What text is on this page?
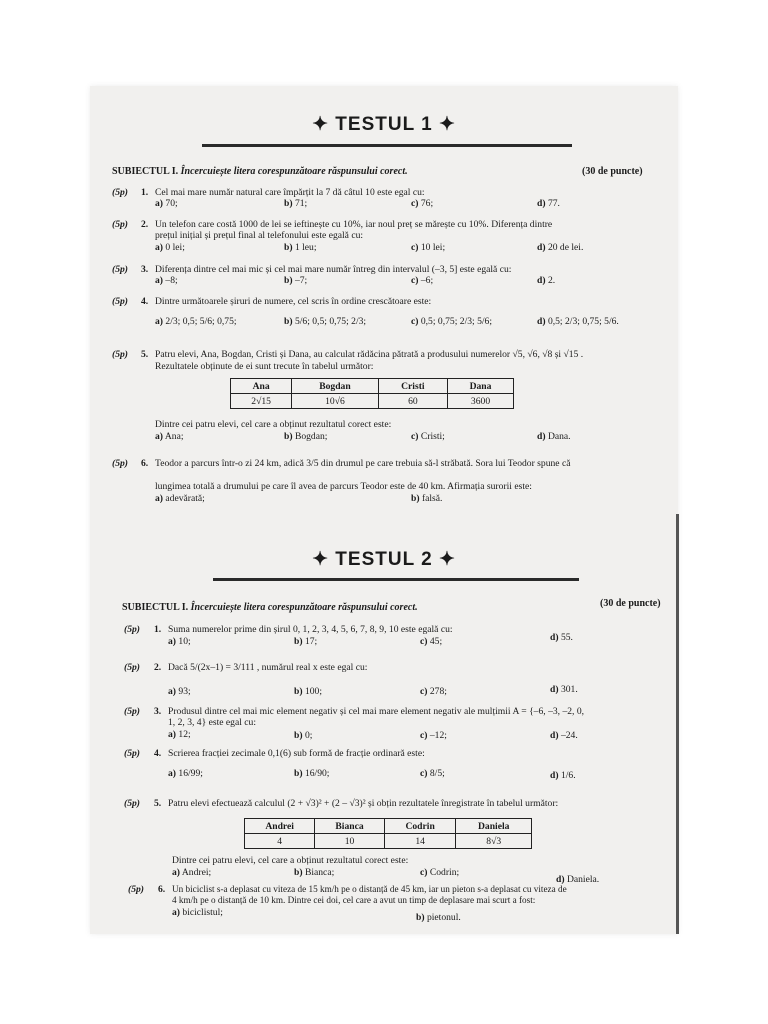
✦ TESTUL 1 ✦
SUBIECTUL I. Încercuiește litera corespunzătoare răspunsului corect.	(30 de puncte)
(5p) 1. Cel mai mare număr natural care împărțit la 7 dă câtul 10 este egal cu:
a) 70;	b) 71;	c) 76;	d) 77.
(5p) 2. Un telefon care costă 1000 de lei se ieftinește cu 10%, iar noul preț se mărește cu 10%. Diferența dintre
prețul inițial și prețul final al telefonului este egală cu:
a) 0 lei;	b) 1 leu;	c) 10 lei;	d) 20 de lei.
(5p) 3. Diferența dintre cel mai mic și cel mai mare număr întreg din intervalul (–3, 5] este egală cu:
a) –8;	b) –7;	c) –6;	d) 2.
(5p) 4. Dintre următoarele șiruri de numere, cel scris în ordine crescătoare este:
a) 2/3; 0,5; 5/6; 0,75;	b) 5/6; 0,5; 0,75; 2/3;	c) 0,5; 0,75; 2/3; 5/6;	d) 0,5; 2/3; 0,75; 5/6.
(5p) 5. Patru elevi, Ana, Bogdan, Cristi și Dana, au calculat rădăcina pătrată a produsului numerelor √5, √6, √8 și √15 .
Rezultatele obținute de ei sunt trecute în tabelul următor:
Ana	Bogdan	Cristi	Dana
2√15	10√6	60	3600
Dintre cei patru elevi, cel care a obținut rezultatul corect este:
a) Ana;	b) Bogdan;	c) Cristi;	d) Dana.
(5p) 6. Teodor a parcurs într-o zi 24 km, adică 3/5 din drumul pe care trebuia să-l străbată. Sora lui Teodor spune că
lungimea totală a drumului pe care îl avea de parcurs Teodor este de 40 km. Afirmația surorii este:
a) adevărată;	b) falsă.
✦ TESTUL 2 ✦
SUBIECTUL I. Încercuiește litera corespunzătoare răspunsului corect.	(30 de puncte)
(5p) 1. Suma numerelor prime din șirul 0, 1, 2, 3, 4, 5, 6, 7, 8, 9, 10 este egală cu:
a) 10;	b) 17;	c) 45;	d) 55.
(5p) 2. Dacă 5/(2x–1) = 3/111 , numărul real x este egal cu:
a) 93;	b) 100;	c) 278;	d) 301.
(5p) 3. Produsul dintre cel mai mic element negativ și cel mai mare element negativ ale mulțimii A = {–6, –3, –2, 0,
1, 2, 3, 4} este egal cu:
a) 12;	b) 0;	c) –12;	d) –24.
(5p) 4. Scrierea fracției zecimale 0,1(6) sub formă de fracție ordinară este:
a) 16/99;	b) 16/90;	c) 8/5;	d) 1/6.
(5p) 5. Patru elevi efectuează calculul (2 + √3)² + (2 – √3)² și obțin rezultatele înregistrate în tabelul următor:
Andrei	Bianca	Codrin	Daniela
4	10	14	8√3
Dintre cei patru elevi, cel care a obținut rezultatul corect este:
a) Andrei;	b) Bianca;	c) Codrin;
d) Daniela.
(5p) 6. Un biciclist s-a deplasat cu viteza de 15 km/h pe o distanță de 45 km, iar un pieton s-a deplasat cu viteza de
4 km/h pe o distanță de 10 km. Dintre cei doi, cel care a avut un timp de deplasare mai scurt a fost:
a) biciclistul;	b) pietonul.
